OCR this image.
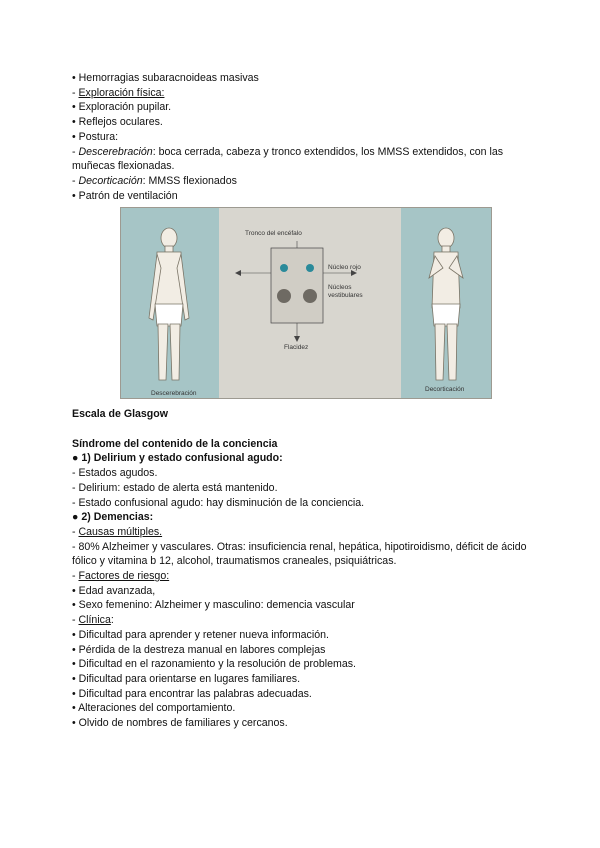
• Hemorragias subaracnoideas masivas
- Exploración física:
• Exploración pupilar.
• Reflejos oculares.
• Postura:
- Descerebración: boca cerrada, cabeza y tronco extendidos, los MMSS extendidos, con las muñecas flexionadas.
- Decorticación: MMSS flexionados
• Patrón de ventilación
Tronco del encéfalo
Núcleo rojo
Núcleos
vestibulares
Flacidez
Descerebración
Decorticación
Escala de Glasgow
Síndrome del contenido de la conciencia
● 1) Delirium y estado confusional agudo:
- Estados agudos.
- Delirium: estado de alerta está mantenido.
- Estado confusional agudo: hay disminución de la conciencia.
● 2) Demencias:
- Causas múltiples.
- 80% Alzheimer y vasculares. Otras: insuficiencia renal, hepática, hipotiroidismo, déficit de ácido fólico y vitamina b 12, alcohol, traumatismos craneales, psiquiátricas.
- Factores de riesgo:
• Edad avanzada,
• Sexo femenino: Alzheimer y masculino: demencia vascular
- Clínica:
• Dificultad para aprender y retener nueva información.
• Pérdida de la destreza manual en labores complejas
• Dificultad en el razonamiento y la resolución de problemas.
• Dificultad para orientarse en lugares familiares.
• Dificultad para encontrar las palabras adecuadas.
• Alteraciones del comportamiento.
• Olvido de nombres de familiares y cercanos.
